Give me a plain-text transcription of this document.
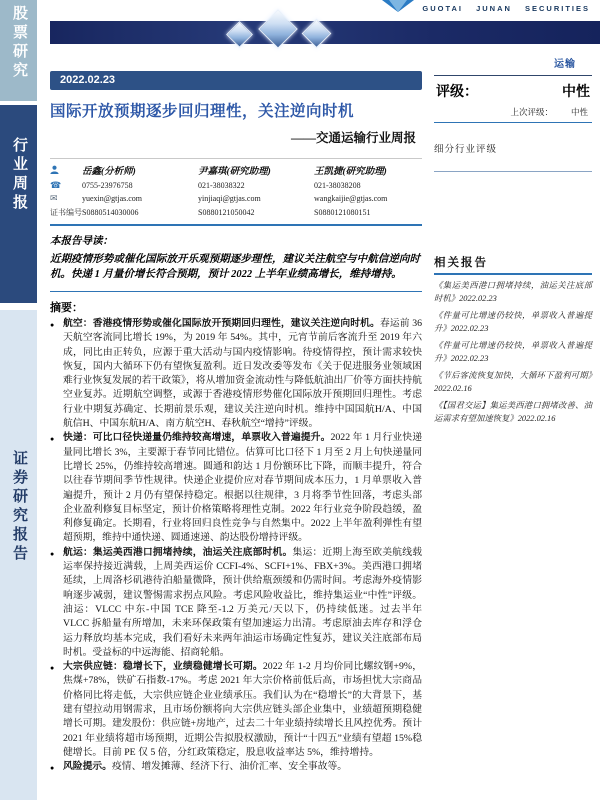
股票研究
行业周报
证券研究报告
GUOTAI JUNAN SECURITIES
2022.02.23
国际开放预期逐步回归理性，关注逆向时机
——交通运输行业周报
岳鑫(分析师)	尹嘉琪(研究助理)	王凯捷(研究助理)
☎	0755-23976758	021-38038322	021-38038208
✉	yuexin@gtjas.com	yinjiaqi@gtjas.com	wangkaijie@gtjas.com
证书编号 S0880514030006	S0880121050042	S0880121080151
本报告导读：
近期疫情形势或催化国际放开乐观预期逐步理性，建议关注航空与中航信逆向时机。快递 1 月量价增长符合预期，预计 2022 上半年业绩高增长，维持增持。
摘要：
● 航空：香港疫情形势或催化国际放开预期回归理性，建议关注逆向时机。春运前 36 天航空客流同比增长 19%，为 2019 年 54%。其中，元宵节前后客流升至 2019 年六成，同比由正转负，应源于重大活动与国内疫情影响。待疫情得控，预计需求较快恢复，国内大循环下仍有望恢复盈利。近日发改委等发布《关于促进服务业领域困难行业恢复发展的若干政策》，将从增加资金流动性与降低航油出厂价等方面扶持航空业复苏。近期航空调整，或源于香港疫情形势催化国际放开预期回归理性。考虑行业中期复苏确定、长期前景乐观，建议关注逆向时机。维持中国国航H/A、中国航信H、中国东航H/A、南方航空H、春秋航空“增持”评级。
● 快递：可比口径快递量仍维持较高增速，单票收入普遍提升。2022 年 1 月行业快递量同比增长 3%，主要源于春节同比错位。估算可比口径下 1 月至 2 月上旬快递量同比增长 25%，仍维持较高增速。圆通和韵达 1 月份额环比下降，而顺丰提升，符合以往春节期间季节性规律。快递企业提价应对春节期间成本压力，1 月单票收入普遍提升，预计 2 月仍有望保持稳定。根据以往规律，3 月将季节性回落，考虑头部企业盈利修复目标坚定，预计价格策略将理性克制。2022 年行业竞争阶段趋缓，盈利修复确定。长期看，行业将回归良性竞争与自然集中。2022 上半年盈利弹性有望超预期，维持中通快递、圆通速递、韵达股份增持评级。
● 航运：集运美西港口拥堵持续，油运关注底部时机。集运：近期上海至欧美航线载运率保持接近满载，上周美西运价 CCFI-4%、SCFI+1%、FBX+3%。美西港口拥堵延续，上周洛杉矶港待泊船量微降，预计供给瓶颈缓和仍需时间。考虑海外疫情影响逐步减弱，建议警惕需求拐点风险。考虑风险收益比，维持集运业“中性”评级。油运：VLCC 中东-中国 TCE 降至-1.2 万美元/天以下，仍持续低迷。过去半年 VLCC 拆船量有所增加，未来环保政策有望加速运力出清。考虑原油去库存和浮仓运力释放均基本完成，我们看好未来两年油运市场确定性复苏，建议关注底部布局时机。受益标的中远海能、招商轮船。
● 大宗供应链：稳增长下，业绩稳健增长可期。2022 年 1-2 月均价同比螺纹钢+9%，焦煤+78%，铁矿石指数-17%。考虑 2021 年大宗价格前低后高，市场担忧大宗商品价格同比将走低，大宗供应链企业业绩承压。我们认为在“稳增长”的大背景下，基建有望拉动用钢需求，且市场份额将向大宗供应链头部企业集中，业绩超预期稳健增长可期。建发股份：供应链+房地产，过去二十年业绩持续增长且风控优秀。预计 2021 年业绩将超市场预期，近期公告拟股权激励，预计“十四五”业绩有望超 15%稳健增长。目前 PE 仅 5 倍，分红政策稳定，股息收益率达 5%，维持增持。
● 风险提示。疫情、增发摊薄、经济下行、油价汇率、安全事故等。
运输
评级：	中性
上次评级： 中性
细分行业评级
相关报告
《集运美西港口拥堵持续，油运关注底部时机》2022.02.23
《件量可比增速仍较快，单票收入普遍提升》2022.02.23
《件量可比增速仍较快，单票收入普遍提升》2022.02.23
《节后客流恢复加快，大循环下盈利可期》2022.02.16
《【国君交运】集运美西港口拥堵改善、油运需求有望加速恢复》2022.02.16
